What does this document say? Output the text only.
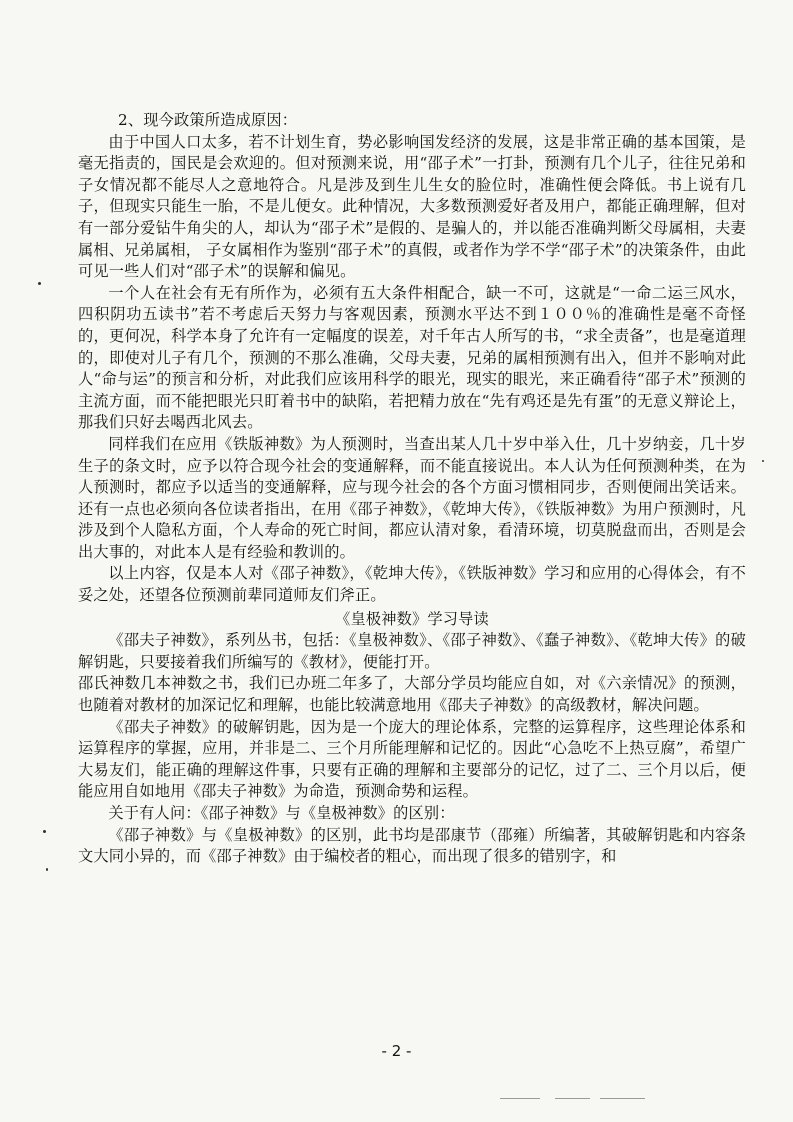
2、现今政策所造成原因：

由于中国人口太多，若不计划生育，势必影响国发经济的发展，这是非常正确的基本国策，是毫无指责的，国民是会欢迎的。但对预测来说，用“邵子术”一打卦，预测有几个儿子，往往兄弟和子女情况都不能尽人之意地符合。凡是涉及到生儿生女的脸位时，准确性便会降低。书上说有几子，但现实只能生一胎，不是儿便女。此种情况，大多数预测爱好者及用户，都能正确理解，但对有一部分爱钻牛角尖的人，却认为“邵子术”是假的、是骗人的，并以能否准确判断父母属相，夫妻属相、兄弟属相， 子女属相作为鉴别“邵子术”的真假，或者作为学不学“邵子术”的决策条件，由此可见一些人们对“邵子术”的误解和偏见。

一个人在社会有无有所作为，必须有五大条件相配合，缺一不可，这就是“一命二运三风水，四积阴功五读书”若不考虑后天努力与客观因素，预测水平达不到１００％的准确性是毫不奇怪的，更何况，科学本身了允许有一定幅度的误差，对千年古人所写的书，“求全责备”，也是毫道理的，即使对儿子有几个，预测的不那么准确，父母夫妻，兄弟的属相预测有出入，但并不影响对此人“命与运”的预言和分析，对此我们应该用科学的眼光，现实的眼光，来正确看待“邵子术”预测的主流方面，而不能把眼光只盯着书中的缺陷，若把精力放在“先有鸡还是先有蛋”的无意义辩论上，那我们只好去喝西北风去。

同样我们在应用《铁版神数》为人预测时，当查出某人几十岁中举入仕，几十岁纳妾，几十岁生子的条文时，应予以符合现今社会的变通解释，而不能直接说出。本人认为任何预测种类，在为人预测时，都应予以适当的变通解释，应与现今社会的各个方面习惯相同步，否则便闹出笑话来。还有一点也必须向各位读者指出，在用《邵子神数》，《乾坤大传》，《铁版神数》为用户预测时，凡涉及到个人隐私方面，个人寿命的死亡时间，都应认清对象，看清环境，切莫脱盘而出，否则是会出大事的，对此本人是有经验和教训的。

以上内容，仅是本人对《邵子神数》，《乾坤大传》，《铁版神数》学习和应用的心得体会，有不妥之处，还望各位预测前辈同道师友们斧正。

《皇极神数》学习导读

《邵夫子神数》，系列丛书，包括：《皇极神数》、《邵子神数》、《蠢子神数》、《乾坤大传》的破解钥匙，只要接着我们所编写的《教材》，便能打开。

邵氏神数几本神数之书，我们已办班二年多了，大部分学员均能应自如，对《六亲情况》的预测，也随着对教材的加深记忆和理解，也能比较满意地用《邵夫子神数》的高级教材，解决问题。

《邵夫子神数》的破解钥匙，因为是一个庞大的理论体系，完整的运算程序，这些理论体系和运算程序的掌握，应用，并非是二、三个月所能理解和记忆的。因此“心急吃不上热豆腐”，希望广大易友们，能正确的理解这件事，只要有正确的理解和主要部分的记忆，过了二、三个月以后，便能应用自如地用《邵夫子神数》为命造，预测命势和运程。

关于有人问：《邵子神数》与《皇极神数》的区别：

《邵子神数》与《皇极神数》的区别，此书均是邵康节（邵雍）所编著，其破解钥匙和内容条文大同小异的，而《邵子神数》由于编校者的粗心，而出现了很多的错别字，和

- 2 -
